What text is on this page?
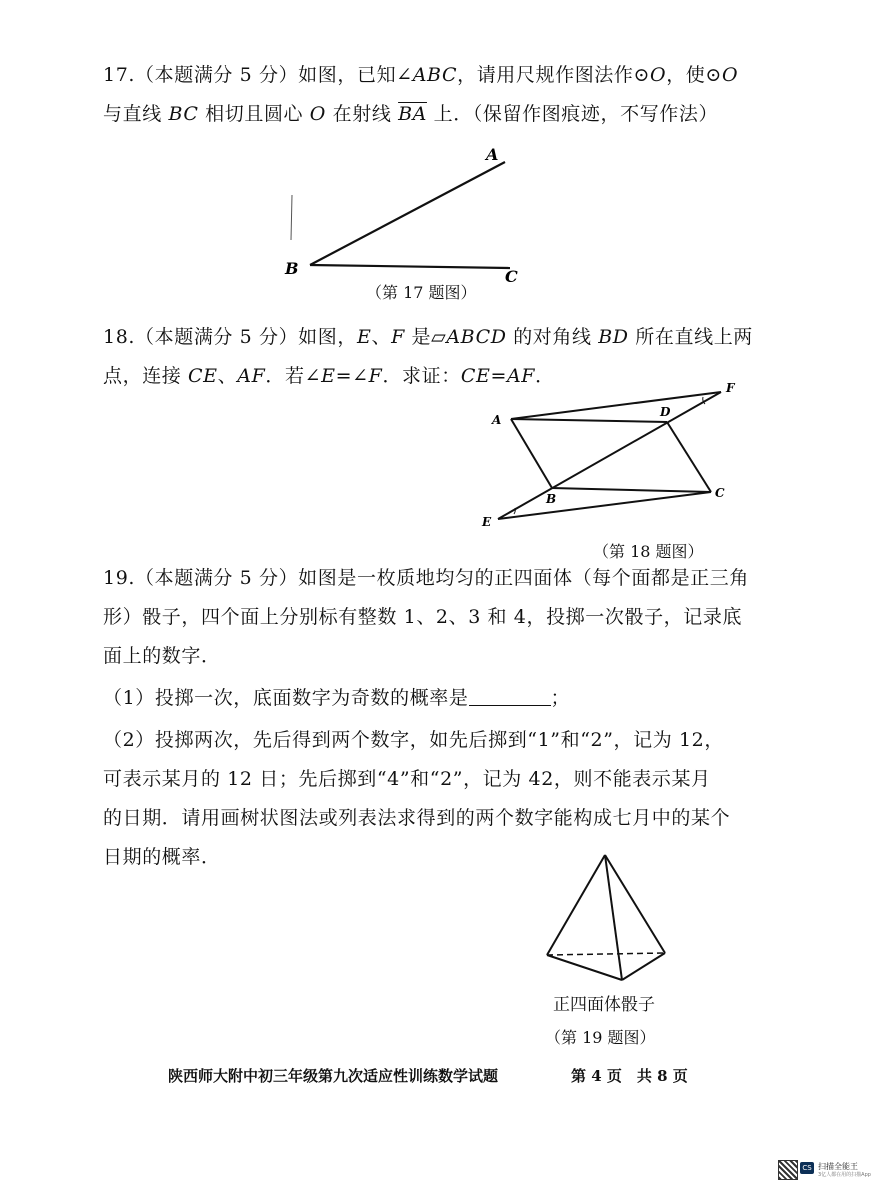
17.（本题满分 5 分）如图，已知∠ABC，请用尺规作图法作⊙O，使⊙O
与直线 BC 相切且圆心 O 在射线 $\overline{BA}$ 上．（保留作图痕迹，不写作法）
A
B	C
（第 17 题图）
18.（本题满分 5 分）如图，E、F 是▱ABCD 的对角线 BD 所在直线上两
点，连接 CE、AF．若∠E=∠F．求证：CE=AF．
A
B	C
D
E
F
（第 18 题图）
19.（本题满分 5 分）如图是一枚质地均匀的正四面体（每个面都是正三角
形）骰子，四个面上分别标有整数 1、2、3 和 4，投掷一次骰子，记录底
面上的数字．
（1）投掷一次，底面数字为奇数的概率是	；
（2）投掷两次，先后得到两个数字，如先后掷到“1”和“2”，记为 12，
可表示某月的 12 日；先后掷到“4”和“2”，记为 42，则不能表示某月
的日期．请用画树状图法或列表法求得到的两个数字能构成七月中的某个
日期的概率．
正四面体骰子
（第 19 题图）
陕西师大附中初三年级第九次适应性训练数学试题	第 4 页　共 8 页
CS 扫描全能王
3亿人都在用的扫描App
